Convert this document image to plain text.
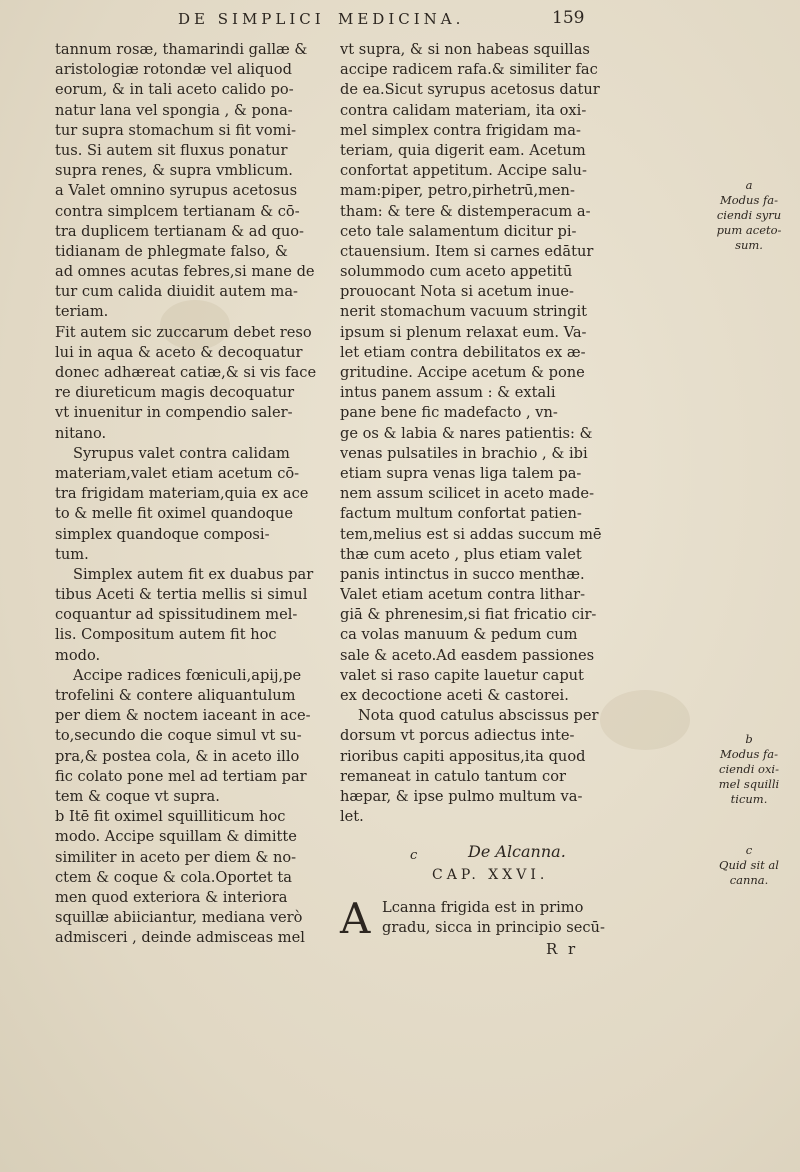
DE SIMPLICI MEDICINA.	159
tannum rosæ, thamarindi gallæ &
aristologiæ rotondæ vel aliquod
eorum, & in tali aceto calido po-
natur lana vel spongia , & pona-
tur supra stomachum si fit vomi-
tus. Si autem sit fluxus ponatur
supra renes, & supra vmblicum.
a Valet omnino syrupus acetosus
contra simplcem tertianam & cō-
tra duplicem tertianam & ad quo-
tidianam de phlegmate falso, &
ad omnes acutas febres,si mane de
tur cum calida diuidit autem ma-
teriam.
Fit autem sic zuccarum debet reso
lui in aqua & aceto & decoquatur
donec adhæreat catiæ,& si vis face
re diureticum magis decoquatur
vt inuenitur in compendio saler-
nitano.
Syrupus valet contra calidam
materiam,valet etiam acetum cō-
tra frigidam materiam,quia ex ace
to & melle fit oximel quandoque
simplex quandoque composi-
tum.
Simplex autem fit ex duabus par
tibus Aceti & tertia mellis si simul
coquantur ad spissitudinem mel-
lis. Compositum autem fit hoc
modo.
Accipe radices fœniculi,apij,pe
trofelini & contere aliquantulum
per diem & noctem iaceant in ace-
to,secundo die coque simul vt su-
pra,& postea cola, & in aceto illo
fic colato pone mel ad tertiam par
tem & coque vt supra.
b Itē fit oximel squilliticum hoc
modo. Accipe squillam & dimitte
similiter in aceto per diem & no-
ctem & coque & cola.Oportet ta
men quod exteriora & interiora
squillæ abiiciantur, mediana verò
admisceri , deinde admisceas mel
vt supra, & si non habeas squillas
accipe radicem rafa.& similiter fac
de ea.Sicut syrupus acetosus datur
contra calidam materiam, ita oxi-
mel simplex contra frigidam ma-
teriam, quia digerit eam. Acetum
confortat appetitum. Accipe salu-
mam:piper, petro,pirhetrū,men-
tham: & tere & distemperacum a-
ceto tale salamentum dicitur pi-
ctauensium. Item si carnes edātur
solummodo cum aceto appetitū
prouocant Nota si acetum inue-
nerit stomachum vacuum stringit
ipsum si plenum relaxat eum. Va-
let etiam contra debilitatos ex æ-
gritudine. Accipe acetum & pone
intus panem assum : & extali
pane bene fic madefacto , vn-
ge os & labia & nares patientis: &
venas pulsatiles in brachio , & ibi
etiam supra venas liga talem pa-
nem assum scilicet in aceto made-
factum multum confortat patien-
tem,melius est si addas succum mē
thæ cum aceto , plus etiam valet
panis intinctus in succo menthæ.
Valet etiam acetum contra lithar-
giā & phrenesim,si fiat fricatio cir-
ca volas manuum & pedum cum
sale & aceto.Ad easdem passiones
valet si raso capite lauetur caput
ex decoctione aceti & castorei.
Nota quod catulus abscissus per
dorsum vt porcus adiectus inte-
rioribus capiti appositus,ita quod
remaneat in catulo tantum cor
hæpar, & ipse pulmo multum va-
let.
c	De Alcanna.
CAP. XXVI.
A Lcanna frigida est in primo
gradu, sicca in principio secū-
R r
a
Modus fa-
ciendi syru
pum aceto-
sum.
b
Modus fa-
ciendi oxi-
mel squilli
ticum.
c
Quid sit al
canna.
